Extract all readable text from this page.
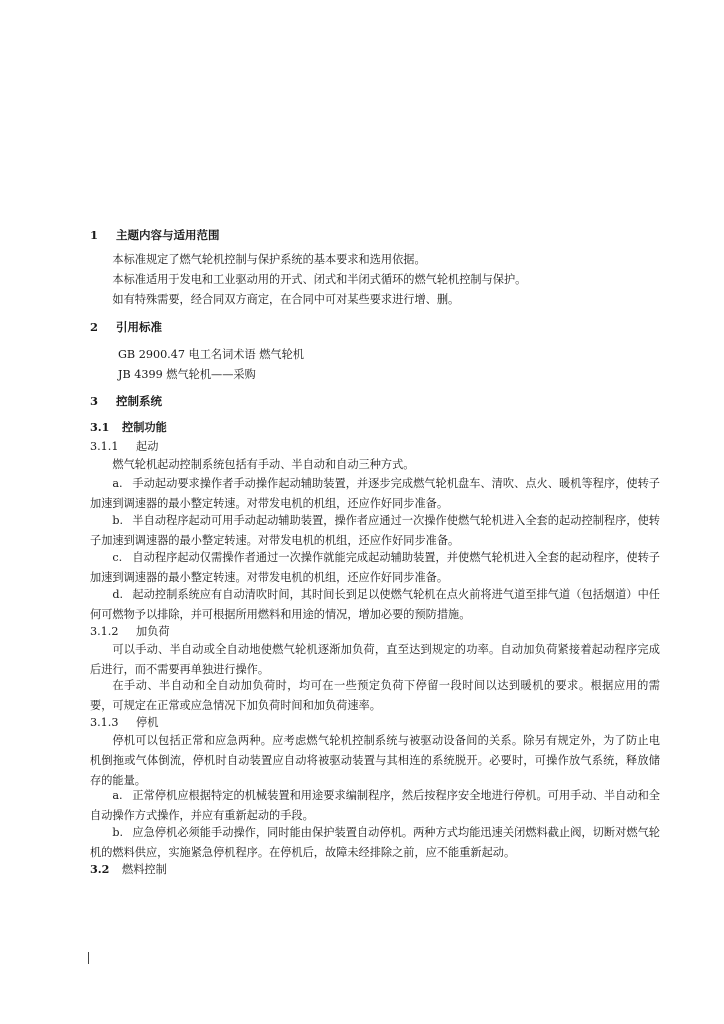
1 主题内容与适用范围
本标准规定了燃气轮机控制与保护系统的基本要求和选用依据。
本标准适用于发电和工业驱动用的开式、闭式和半闭式循环的燃气轮机控制与保护。
如有特殊需要，经合同双方商定，在合同中可对某些要求进行增、删。
2 引用标准
GB 2900.47 电工名词术语 燃气轮机
JB 4399 燃气轮机——采购
3 控制系统
3.1 控制功能
3.1.1 起动
燃气轮机起动控制系统包括有手动、半自动和自动三种方式。
a. 手动起动要求操作者手动操作起动辅助装置，并逐步完成燃气轮机盘车、清吹、点火、暖机等程序，使转子加速到调速器的最小整定转速。对带发电机的机组，还应作好同步准备。
b. 半自动程序起动可用手动起动辅助装置，操作者应通过一次操作使燃气轮机进入全套的起动控制程序，使转子加速到调速器的最小整定转速。对带发电机的机组，还应作好同步准备。
c. 自动程序起动仅需操作者通过一次操作就能完成起动辅助装置，并使燃气轮机进入全套的起动程序，使转子加速到调速器的最小整定转速。对带发电机的机组，还应作好同步准备。
d. 起动控制系统应有自动清吹时间，其时间长到足以使燃气轮机在点火前将进气道至排气道（包括烟道）中任何可燃物予以排除，并可根据所用燃料和用途的情况，增加必要的预防措施。
3.1.2 加负荷
可以手动、半自动或全自动地使燃气轮机逐渐加负荷，直至达到规定的功率。自动加负荷紧接着起动程序完成后进行，而不需要再单独进行操作。
在手动、半自动和全自动加负荷时，均可在一些预定负荷下停留一段时间以达到暖机的要求。根据应用的需要，可规定在正常或应急情况下加负荷时间和加负荷速率。
3.1.3 停机
停机可以包括正常和应急两种。应考虑燃气轮机控制系统与被驱动设备间的关系。除另有规定外，为了防止电机倒拖或气体倒流，停机时自动装置应自动将被驱动装置与其相连的系统脱开。必要时，可操作放气系统，释放储存的能量。
a. 正常停机应根据特定的机械装置和用途要求编制程序，然后按程序安全地进行停机。可用手动、半自动和全自动操作方式操作，并应有重新起动的手段。
b. 应急停机必须能手动操作，同时能由保护装置自动停机。两种方式均能迅速关闭燃料截止阀，切断对燃气轮机的燃料供应，实施紧急停机程序。在停机后，故障未经排除之前，应不能重新起动。
3.2 燃料控制
